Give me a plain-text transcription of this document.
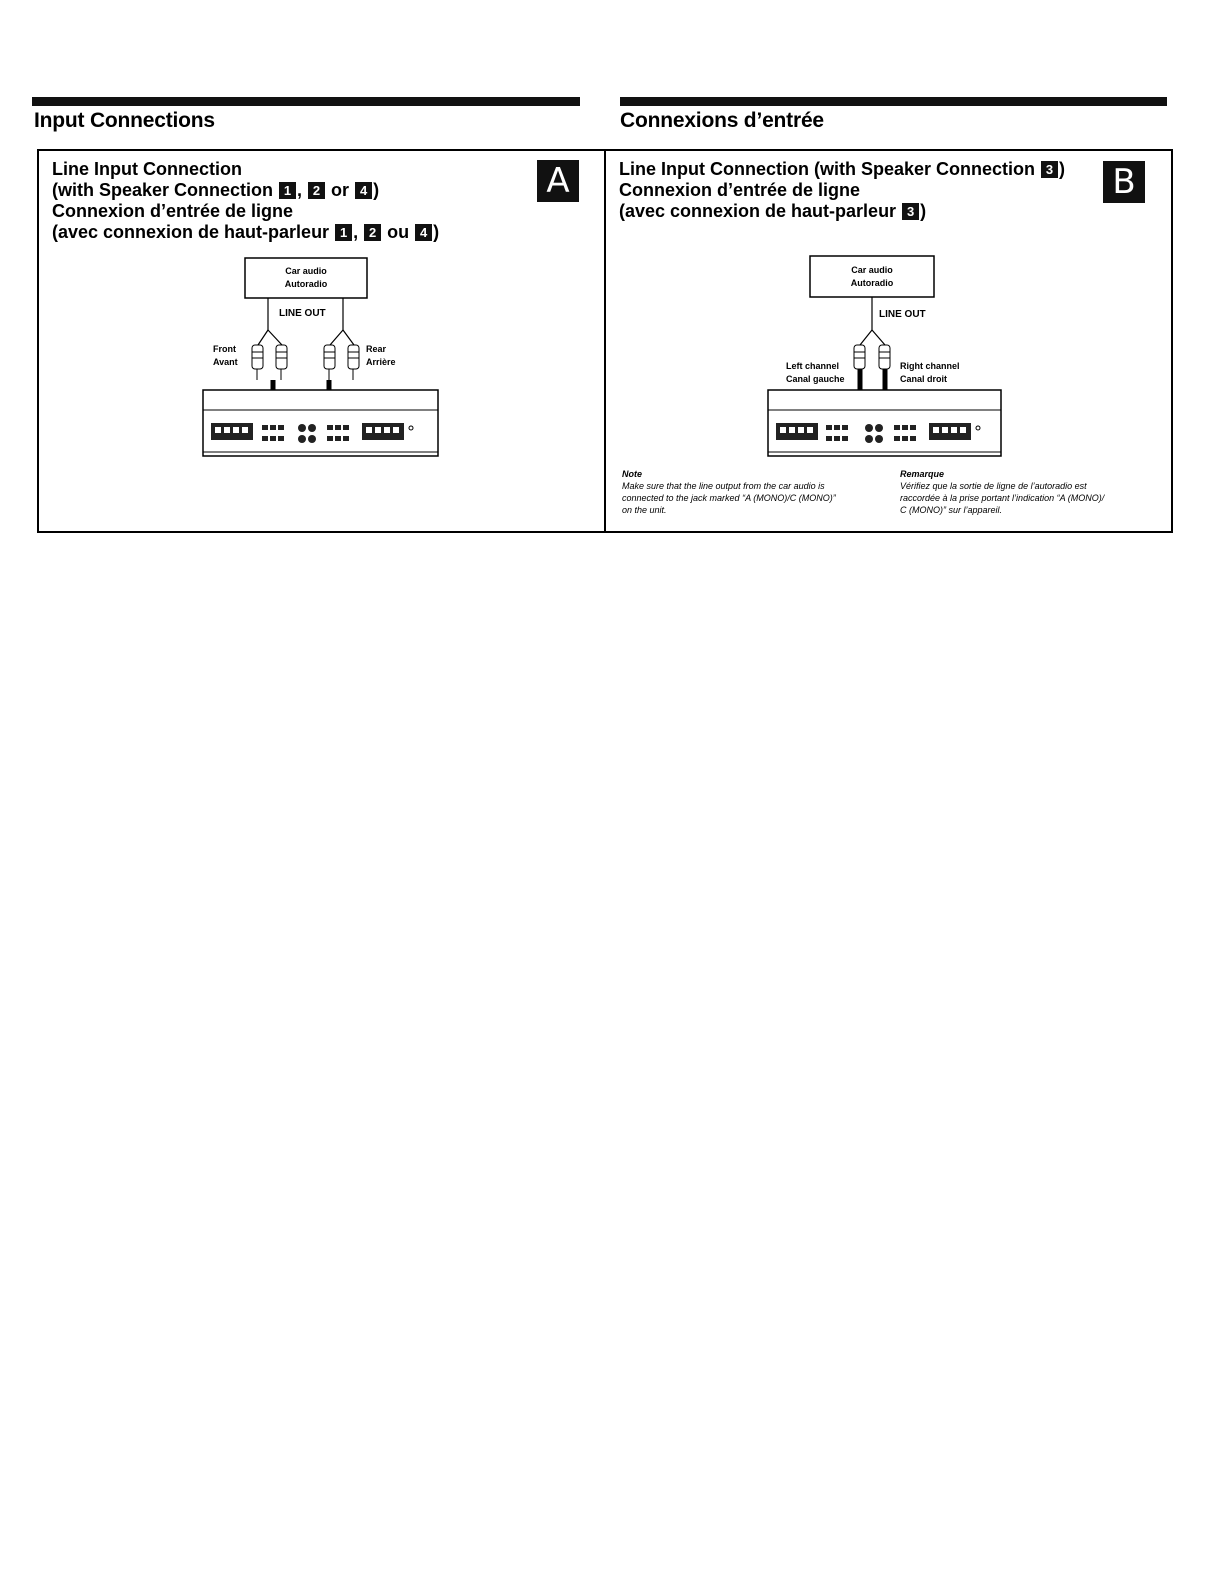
Input Connections	Connexions d’entrée
Line Input Connection
(with Speaker Connection 1 , 2 or 4 )
Connexion d’entrée de ligne
(avec connexion de haut-parleur 1 , 2 ou 4 )
A
Car audio
Autoradio
LINE OUT
Front
Avant
Rear
Arrière
Line Input Connection (with Speaker Connection 3 )
Connexion d’entrée de ligne
(avec connexion de haut-parleur 3 )
B
Car audio
Autoradio
LINE OUT
Left channel
Canal gauche
Right channel
Canal droit
Note
Make sure that the line output from the car audio is
connected to the jack marked “A (MONO)/C (MONO)”
on the unit.
Remarque
Vérifiez que la sortie de ligne de l’autoradio est
raccordée à la prise portant l’indication “A (MONO)/
C (MONO)” sur l’appareil.
